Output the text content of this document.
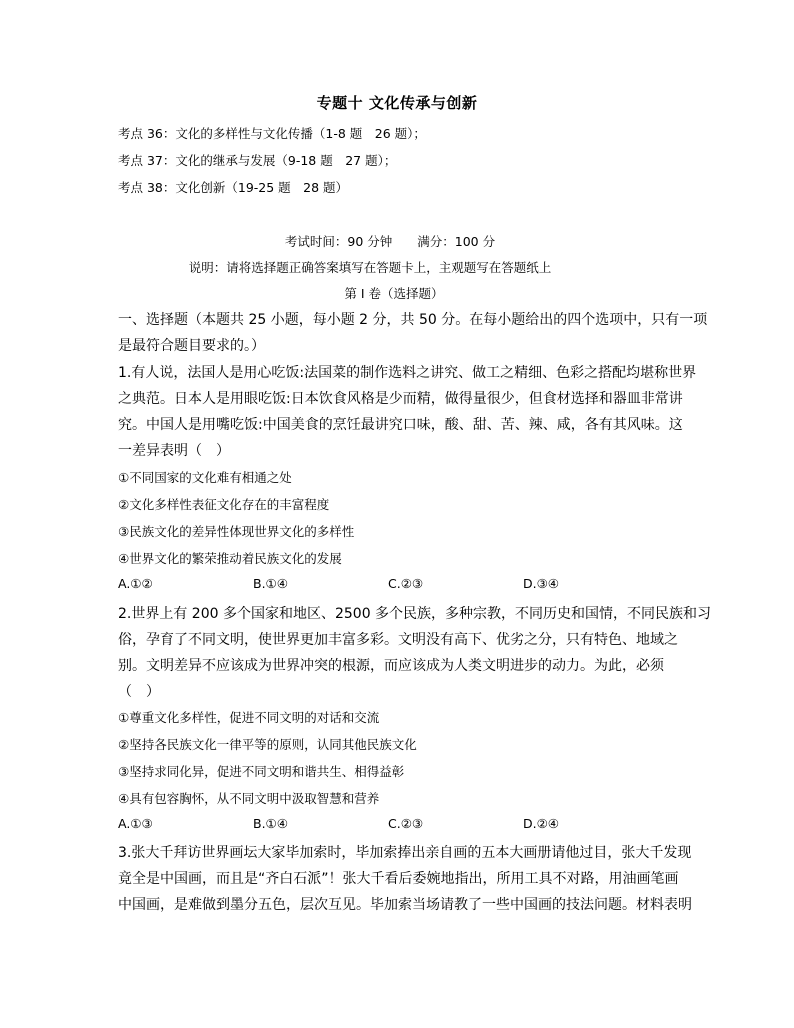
专题十 文化传承与创新
考点 36：文化的多样性与文化传播（1-8 题　26 题）；
考点 37：文化的继承与发展（9-18 题　27 题）；
考点 38：文化创新（19-25 题　28 题）
考试时间：90 分钟　　满分：100 分
说明：请将选择题正确答案填写在答题卡上，主观题写在答题纸上
第 I 卷（选择题）
一、选择题（本题共 25 小题，每小题 2 分，共 50 分。在每小题给出的四个选项中，只有一项
是最符合题目要求的。）
1.有人说，法国人是用心吃饭:法国菜的制作选料之讲究、做工之精细、色彩之搭配均堪称世界
之典范。日本人是用眼吃饭:日本饮食风格是少而精，做得量很少，但食材选择和器皿非常讲
究。中国人是用嘴吃饭:中国美食的烹饪最讲究口味，酸、甜、苦、辣、咸，各有其风味。这
一差异表明（　）
①不同国家的文化难有相通之处
②文化多样性表征文化存在的丰富程度
③民族文化的差异性体现世界文化的多样性
④世界文化的繁荣推动着民族文化的发展
A.①②	B.①④	C.②③	D.③④
2.世界上有 200 多个国家和地区、2500 多个民族，多种宗教，不同历史和国情，不同民族和习
俗，孕育了不同文明，使世界更加丰富多彩。文明没有高下、优劣之分，只有特色、地域之
别。文明差异不应该成为世界冲突的根源，而应该成为人类文明进步的动力。为此，必须
（　）
①尊重文化多样性，促进不同文明的对话和交流
②坚持各民族文化一律平等的原则，认同其他民族文化
③坚持求同化异，促进不同文明和谐共生、相得益彰
④具有包容胸怀，从不同文明中汲取智慧和营养
A.①③	B.①④	C.②③	D.②④
3.张大千拜访世界画坛大家毕加索时，毕加索捧出亲自画的五本大画册请他过目，张大千发现
竟全是中国画，而且是“齐白石派”！张大千看后委婉地指出，所用工具不对路，用油画笔画
中国画，是难做到墨分五色，层次互见。毕加索当场请教了一些中国画的技法问题。材料表明
